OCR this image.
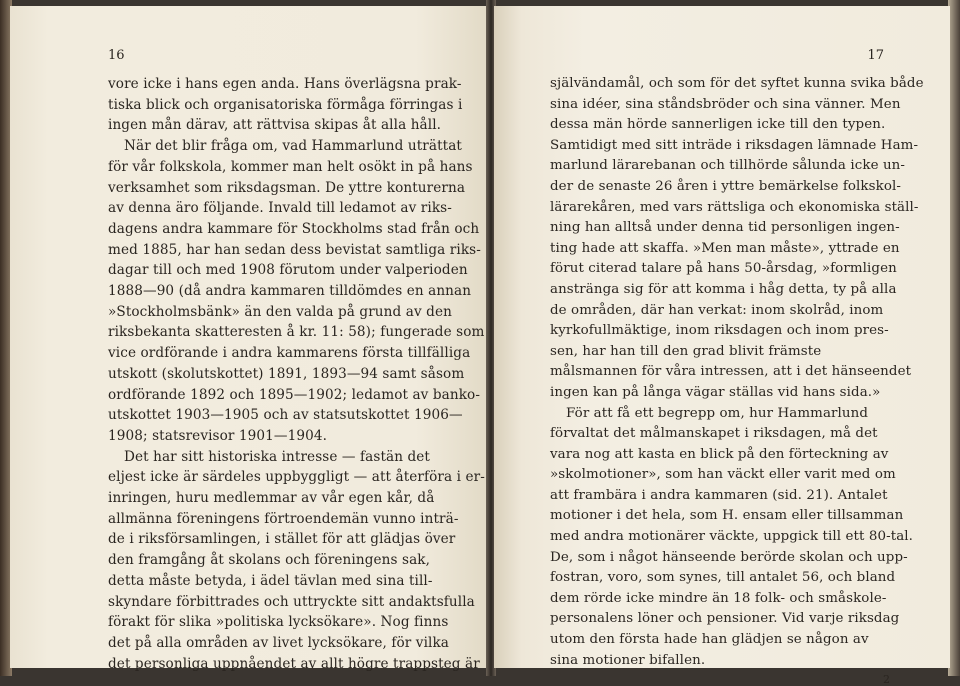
16
vore icke i hans egen anda. Hans överlägsna prak-
tiska blick och organisatoriska förmåga förringas i
ingen mån därav, att rättvisa skipas åt alla håll.
När det blir fråga om, vad Hammarlund uträttat
för vår folkskola, kommer man helt osökt in på hans
verksamhet som riksdagsman. De yttre konturerna
av denna äro följande. Invald till ledamot av riks-
dagens andra kammare för Stockholms stad från och
med 1885, har han sedan dess bevistat samtliga riks-
dagar till och med 1908 förutom under valperioden
1888—90 (då andra kammaren tilldömdes en annan
»Stockholmsbänk» än den valda på grund av den
riksbekanta skatteresten å kr. 11: 58); fungerade som
vice ordförande i andra kammarens första tillfälliga
utskott (skolutskottet) 1891, 1893—94 samt såsom
ordförande 1892 och 1895—1902; ledamot av banko-
utskottet 1903—1905 och av statsutskottet 1906—
1908; statsrevisor 1901—1904.
Det har sitt historiska intresse — fastän det
eljest icke är särdeles uppbyggligt — att återföra i er-
inringen, huru medlemmar av vår egen kår, då
allmänna föreningens förtroendemän vunno inträ-
de i riksförsamlingen, i stället för att glädjas över
den framgång åt skolans och föreningens sak,
detta måste betyda, i ädel tävlan med sina till-
skyndare förbittrades och uttryckte sitt andaktsfulla
förakt för slika »politiska lycksökare». Nog finns
det på alla områden av livet lycksökare, för vilka
det personliga uppnåendet av allt högre trappsteg är
17
självändamål, och som för det syftet kunna svika både
sina idéer, sina ståndsbröder och sina vänner. Men
dessa män hörde sannerligen icke till den typen.
Samtidigt med sitt inträde i riksdagen lämnade Ham-
marlund lärarebanan och tillhörde sålunda icke un-
der de senaste 26 åren i yttre bemärkelse folkskol-
lärarekåren, med vars rättsliga och ekonomiska ställ-
ning han alltså under denna tid personligen ingen-
ting hade att skaffa. »Men man måste», yttrade en
förut citerad talare på hans 50-årsdag, »formligen
anstränga sig för att komma i håg detta, ty på alla
de områden, där han verkat: inom skolråd, inom
kyrkofullmäktige, inom riksdagen och inom pres-
sen, har han till den grad blivit främste
målsmannen för våra intressen, att i det hänseendet
ingen kan på långa vägar ställas vid hans sida.»
För att få ett begrepp om, hur Hammarlund
förvaltat det målmanskapet i riksdagen, må det
vara nog att kasta en blick på den förteckning av
»skolmotioner», som han väckt eller varit med om
att frambära i andra kammaren (sid. 21). Antalet
motioner i det hela, som H. ensam eller tillsamman
med andra motionärer väckte, uppgick till ett 80-tal.
De, som i något hänseende berörde skolan och upp-
fostran, voro, som synes, till antalet 56, och bland
dem rörde icke mindre än 18 folk- och småskole-
personalens löner och pensioner. Vid varje riksdag
utom den första hade han glädjen se någon av
sina motioner bifallen.
2
